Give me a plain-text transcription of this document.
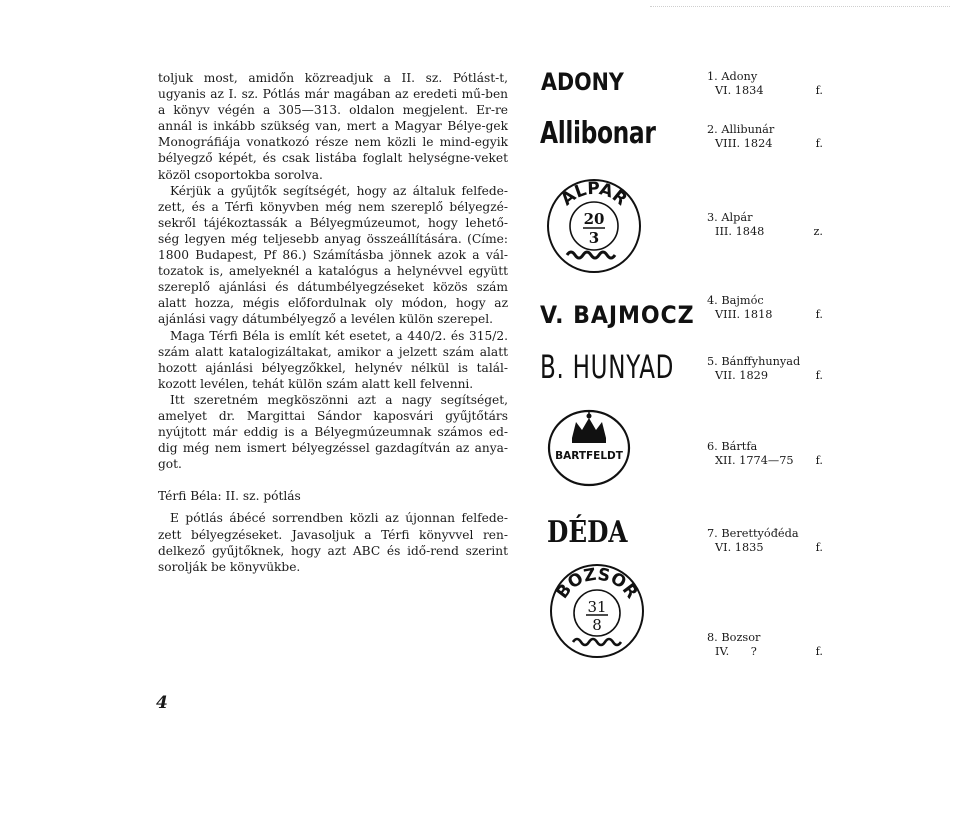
toljuk most, amidőn közreadjuk a II. sz. Pótlást-t, ugyanis az I. sz. Pótlás már magában az eredeti mű-ben a könyv végén a 305—313. oldalon megjelent. Er-re annál is inkább szükség van, mert a Magyar Bélye-gek Monográfiája vonatkozó része nem közli le mind-egyik bélyegző képét, és csak listába foglalt helységne-veket közöl csoportokba sorolva.

Kérjük a gyűjtők segítségét, hogy az általuk felfede-zett, és a Térfi könyvben még nem szereplő bélyegzé-sekről tájékoztassák a Bélyegmúzeumot, hogy lehető-ség legyen még teljesebb anyag összeállítására. (Címe: 1800 Budapest, Pf 86.) Számításba jönnek azok a vál-tozatok is, amelyeknél a katalógus a helynévvel együtt szereplő ajánlási és dátumbélyegzéseket közös szám alatt hozza, mégis előfordulnak oly módon, hogy az ajánlási vagy dátumbélyegző a levélen külön szerepel.

Maga Térfi Béla is említ két esetet, a 440/2. és 315/2. szám alatt katalogizáltakat, amikor a jelzett szám alatt hozott ajánlási bélyegzőkkel, helynév nélkül is talál-kozott levélen, tehát külön szám alatt kell felvenni.

Itt szeretném megköszönni azt a nagy segítséget, amelyet dr. Margittai Sándor kaposvári gyűjtőtárs nyújtott már eddig is a Bélyegmúzeumnak számos ed-dig még nem ismert bélyegzéssel gazdagítván az anya-got.

Térfi Béla: II. sz. pótlás

E pótlás ábécé sorrendben közli az újonnan felfede-zett bélyegzéseket. Javasoljuk a Térfi könyvvel ren-delkező gyűjtőknek, hogy azt ABC és idő-rend szerint sorolják be könyvükbe.

4
ADONY
Allibonar
ALPAR
20
3
V. BAJMOCZ
B. HUNYAD
BARTFELDT
DÉDA
BOZSOR
31
8
1. Adony
VI. 1834	f.
2. Allibunár
VIII. 1824	f.
3. Alpár
III. 1848	z.
4. Bajmóc
VIII. 1818	f.
5. Bánffyhunyad
VII. 1829	f.
6. Bártfa
XII. 1774—75 f.
7. Berettyóđéda
VI. 1835	f.
8. Bozsor
IV.      ?	f.
